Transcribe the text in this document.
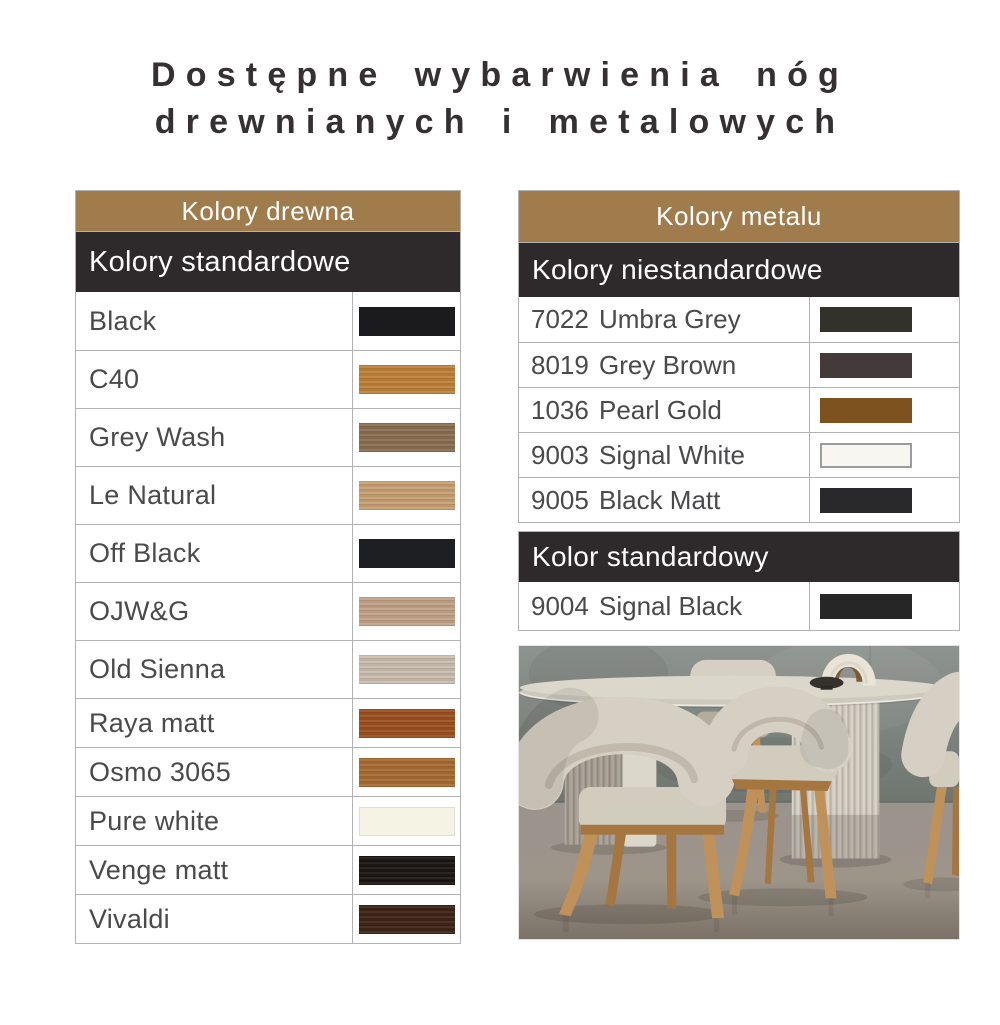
Dostępne wybarwienia nóg
drewnianych i metalowych
Kolory drewna
Kolory standardowe
Black
C40
Grey Wash
Le Natural
Off Black
OJW&G
Old Sienna
Raya matt
Osmo 3065
Pure white
Venge matt
Vivaldi
Kolory metalu
Kolory niestandardowe
7022 Umbra Grey
8019 Grey Brown
1036 Pearl Gold
9003 Signal White
9005 Black Matt
Kolor standardowy
9004 Signal Black
